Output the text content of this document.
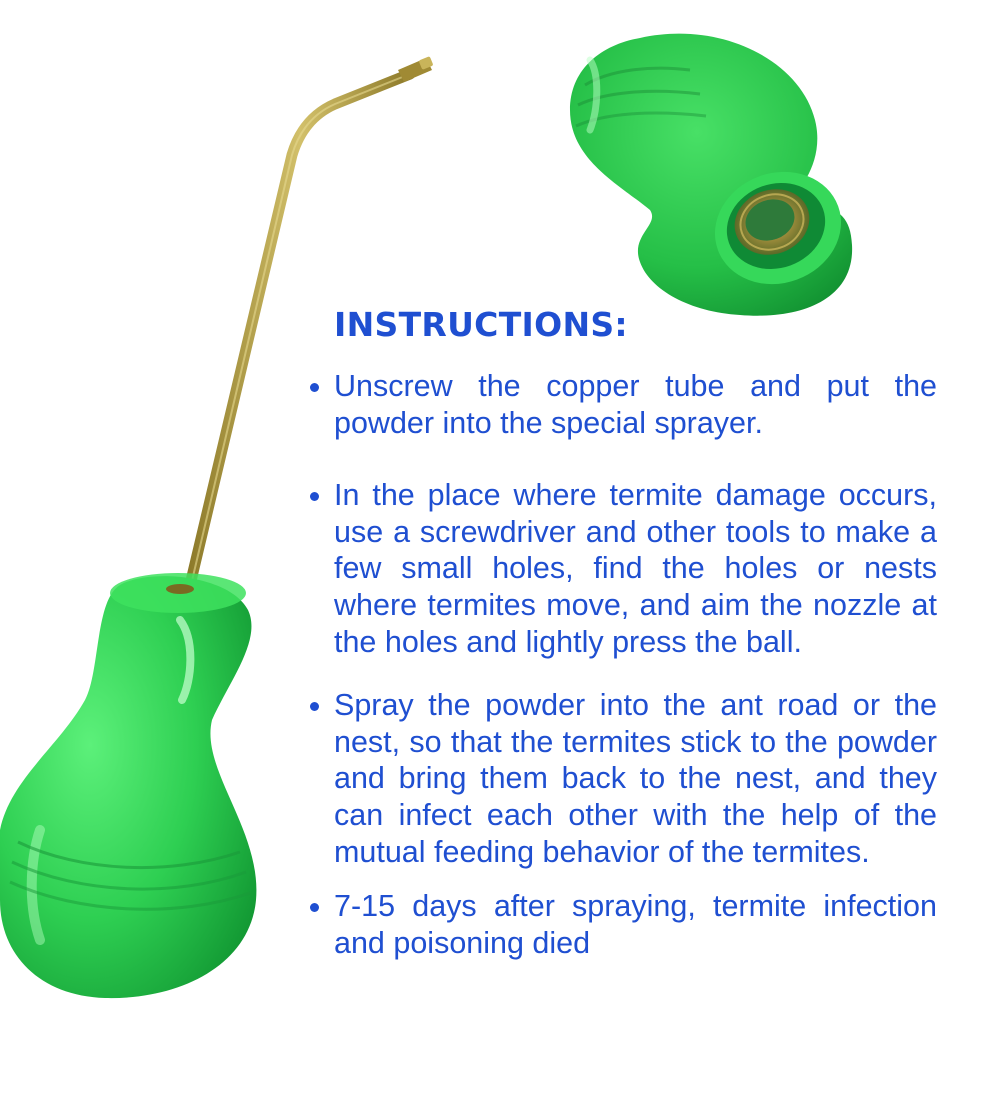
INSTRUCTIONS:
Unscrew the copper tube and put the powder into the special sprayer.
In the place where termite damage occurs, use a screwdriver and other tools to make a few small holes, find the holes or nests where termites move, and aim the nozzle at the holes and lightly press the ball.
Spray the powder into the ant road or the nest, so that the termites stick to the powder and bring them back to the nest, and they can infect each other with the help of the mutual feeding behavior of the termites.
7-15 days after spraying, termite infection and poisoning died
